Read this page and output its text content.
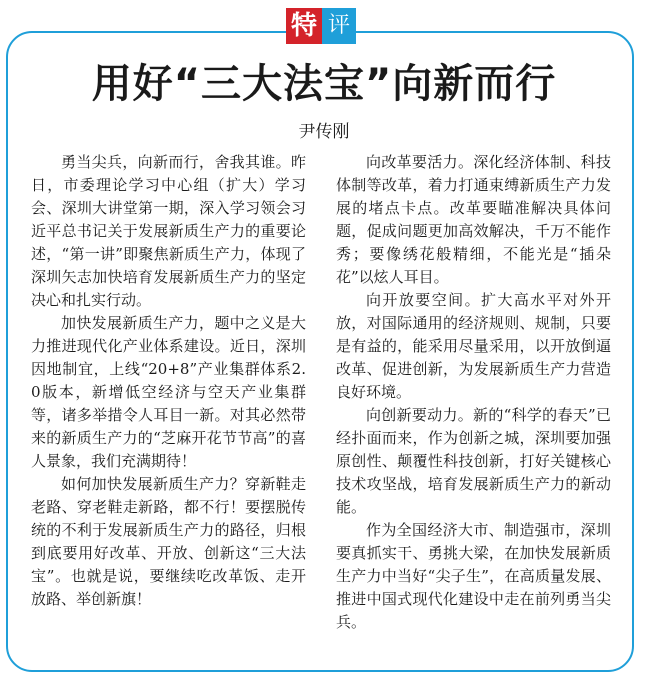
特 评
用好“三大法宝”向新而行
尹传刚

勇当尖兵，向新而行，舍我其谁。昨日，市委理论学习中心组（扩大）学习会、深圳大讲堂第一期，深入学习领会习近平总书记关于发展新质生产力的重要论述，“第一讲”即聚焦新质生产力，体现了深圳矢志加快培育发展新质生产力的坚定决心和扎实行动。

加快发展新质生产力，题中之义是大力推进现代化产业体系建设。近日，深圳因地制宜，上线“20+8”产业集群体系2.0版本，新增低空经济与空天产业集群等，诸多举措令人耳目一新。对其必然带来的新质生产力的“芝麻开花节节高”的喜人景象，我们充满期待！

如何加快发展新质生产力？穿新鞋走老路、穿老鞋走新路，都不行！要摆脱传统的不利于发展新质生产力的路径，归根到底要用好改革、开放、创新这“三大法宝”。也就是说，要继续吃改革饭、走开放路、举创新旗！

向改革要活力。深化经济体制、科技体制等改革，着力打通束缚新质生产力发展的堵点卡点。改革要瞄准解决具体问题，促成问题更加高效解决，千万不能作秀；要像绣花般精细，不能光是“插朵花”以炫人耳目。

向开放要空间。扩大高水平对外开放，对国际通用的经济规则、规制，只要是有益的，能采用尽量采用，以开放倒逼改革、促进创新，为发展新质生产力营造良好环境。

向创新要动力。新的“科学的春天”已经扑面而来，作为创新之城，深圳要加强原创性、颠覆性科技创新，打好关键核心技术攻坚战，培育发展新质生产力的新动能。

作为全国经济大市、制造强市，深圳要真抓实干、勇挑大梁，在加快发展新质生产力中当好“尖子生”，在高质量发展、推进中国式现代化建设中走在前列勇当尖兵。
